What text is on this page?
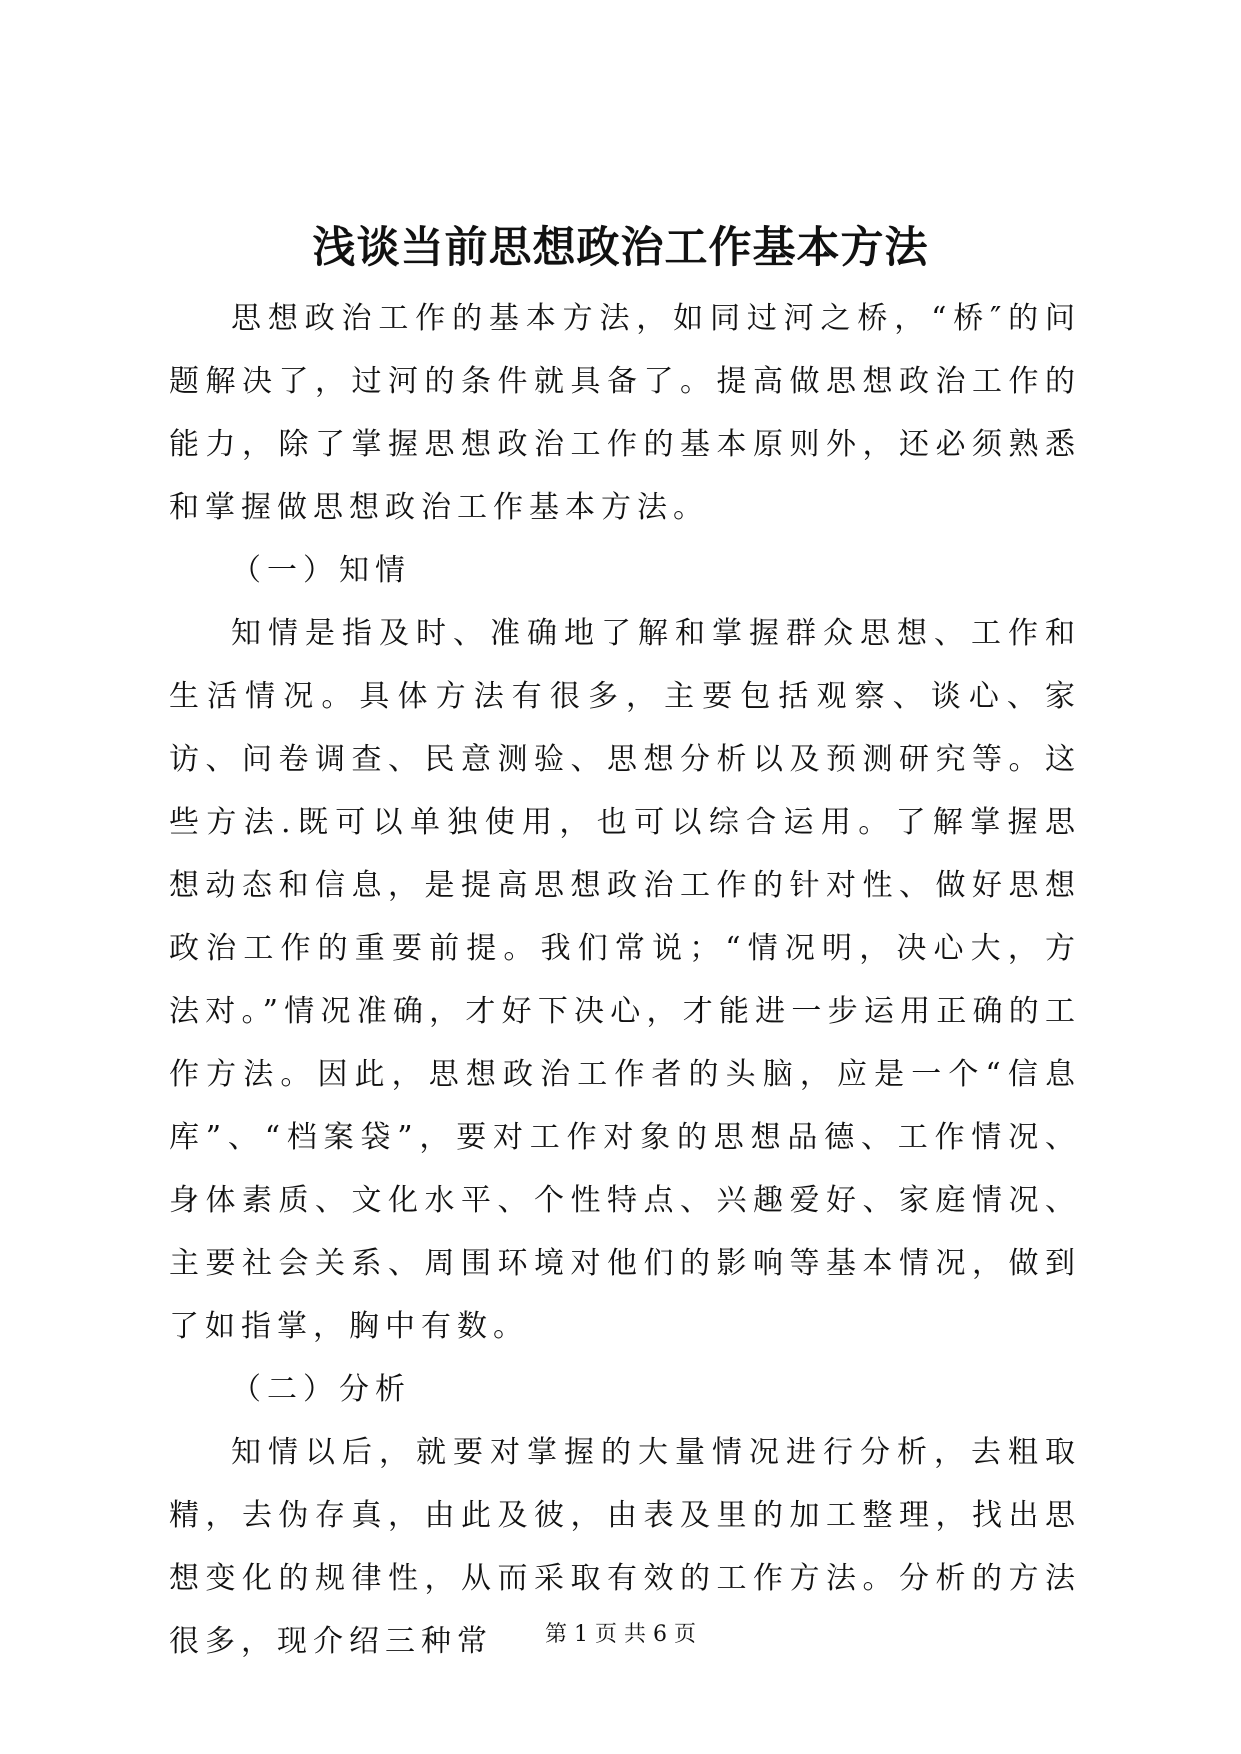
浅谈当前思想政治工作基本方法

思想政治工作的基本方法，如同过河之桥，“桥″的问题解决了，过河的条件就具备了。提高做思想政治工作的能力，除了掌握思想政治工作的基本原则外，还必须熟悉和掌握做思想政治工作基本方法。

（一）知情

知情是指及时、准确地了解和掌握群众思想、工作和生活情况。具体方法有很多，主要包括观察、谈心、家访、问卷调查、民意测验、思想分析以及预测研究等。这些方法.既可以单独使用，也可以综合运用。了解掌握思想动态和信息，是提高思想政治工作的针对性、做好思想政治工作的重要前提。我们常说；“情况明，决心大，方法对。”情况准确，才好下决心，才能进一步运用正确的工作方法。因此，思想政治工作者的头脑，应是一个“信息库”、“档案袋”，要对工作对象的思想品德、工作情况、身体素质、文化水平、个性特点、兴趣爱好、家庭情况、主要社会关系、周围环境对他们的影响等基本情况，做到了如指掌，胸中有数。

（二）分析

知情以后，就要对掌握的大量情况进行分析，去粗取精，去伪存真，由此及彼，由表及里的加工整理，找出思想变化的规律性，从而采取有效的工作方法。分析的方法很多，现介绍三种常	第 1 页 共 6 页
